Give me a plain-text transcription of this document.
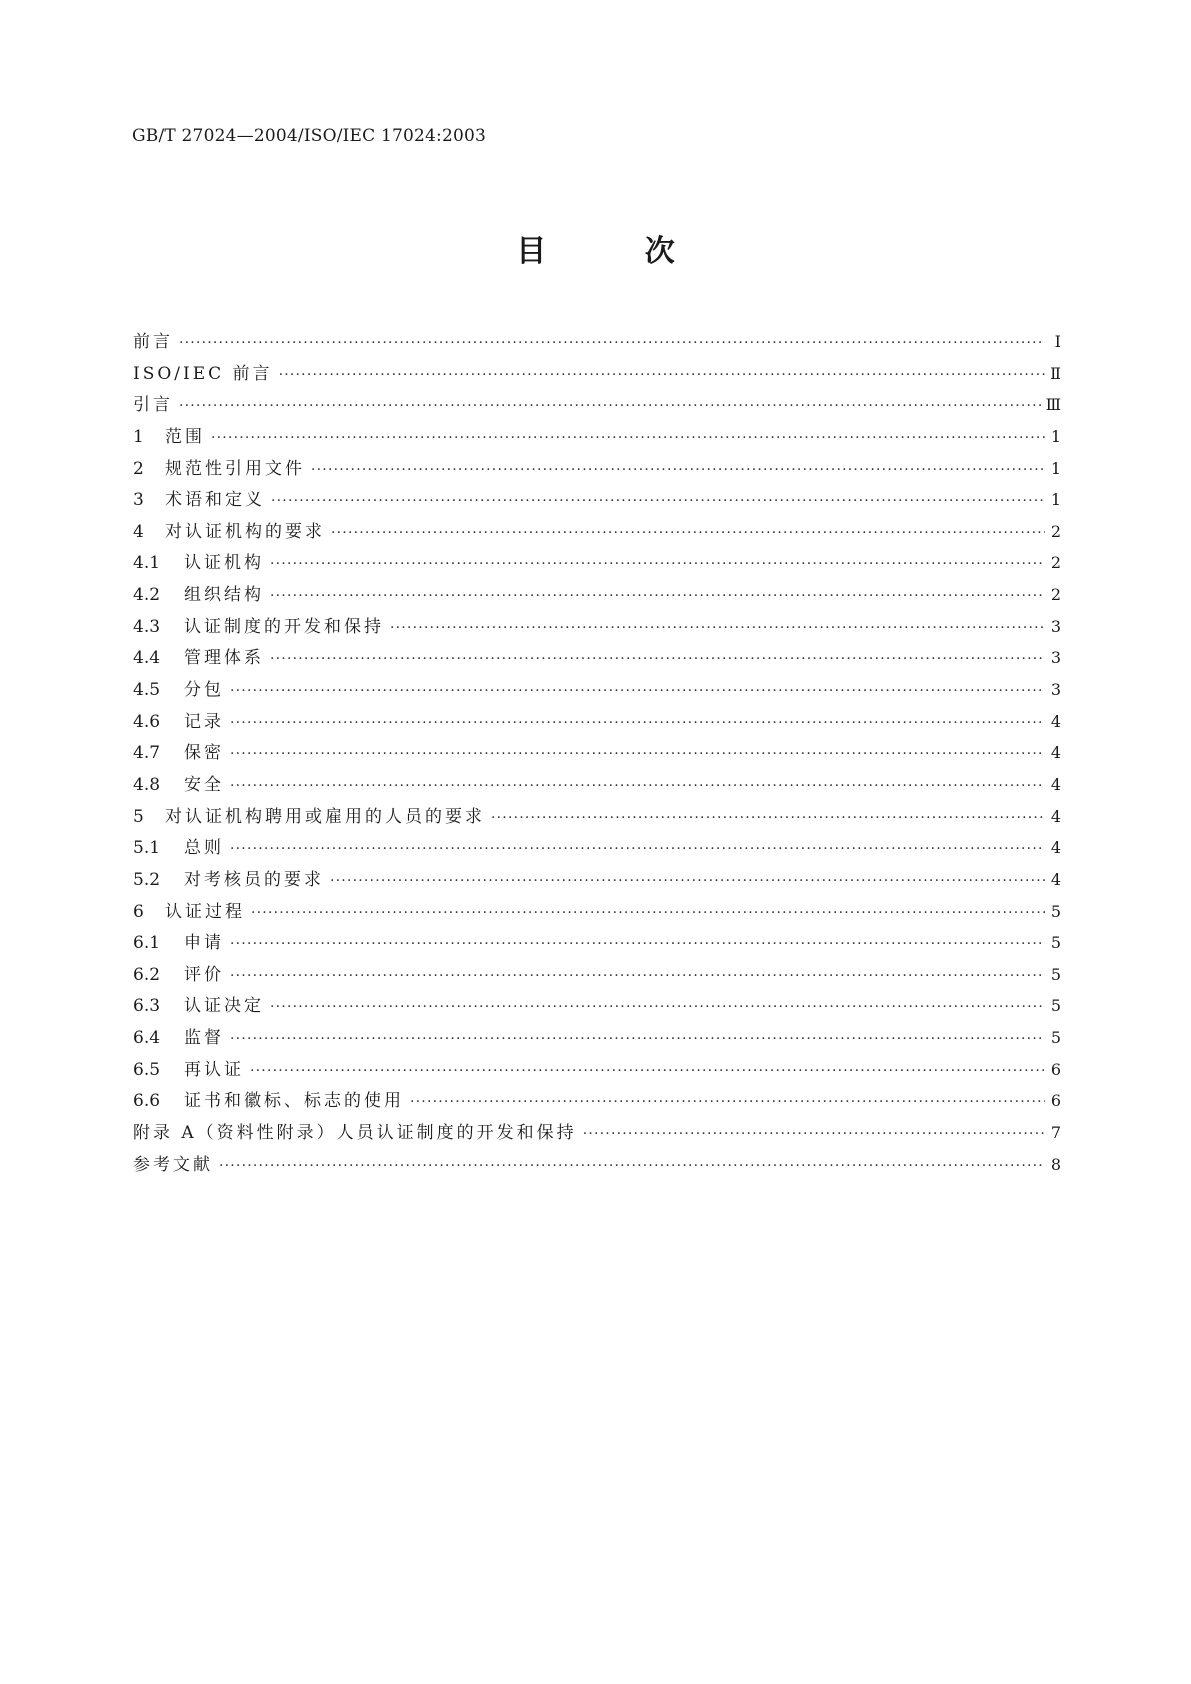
GB/T 27024—2004/ISO/IEC 17024:2003
目 次
前言 ·····	Ⅰ
ISO/IEC 前言 ·····	Ⅱ
引言 ·····	Ⅲ
1	范围 ·····	1
2	规范性引用文件 ·····	1
3	术语和定义 ·····	1
4	对认证机构的要求 ·····	2
4.1	认证机构 ·····	2
4.2	组织结构 ·····	2
4.3	认证制度的开发和保持 ·····	3
4.4	管理体系 ·····	3
4.5	分包 ·····	3
4.6	记录 ·····	4
4.7	保密 ·····	4
4.8	安全 ·····	4
5	对认证机构聘用或雇用的人员的要求 ·····	4
5.1	总则 ·····	4
5.2	对考核员的要求 ·····	4
6	认证过程 ·····	5
6.1	申请 ·····	5
6.2	评价 ·····	5
6.3	认证决定 ·····	5
6.4	监督 ·····	5
6.5	再认证 ·····	6
6.6	证书和徽标、标志的使用 ·····	6
附录 A（资料性附录）人员认证制度的开发和保持 ·····	7
参考文献 ·····	8
